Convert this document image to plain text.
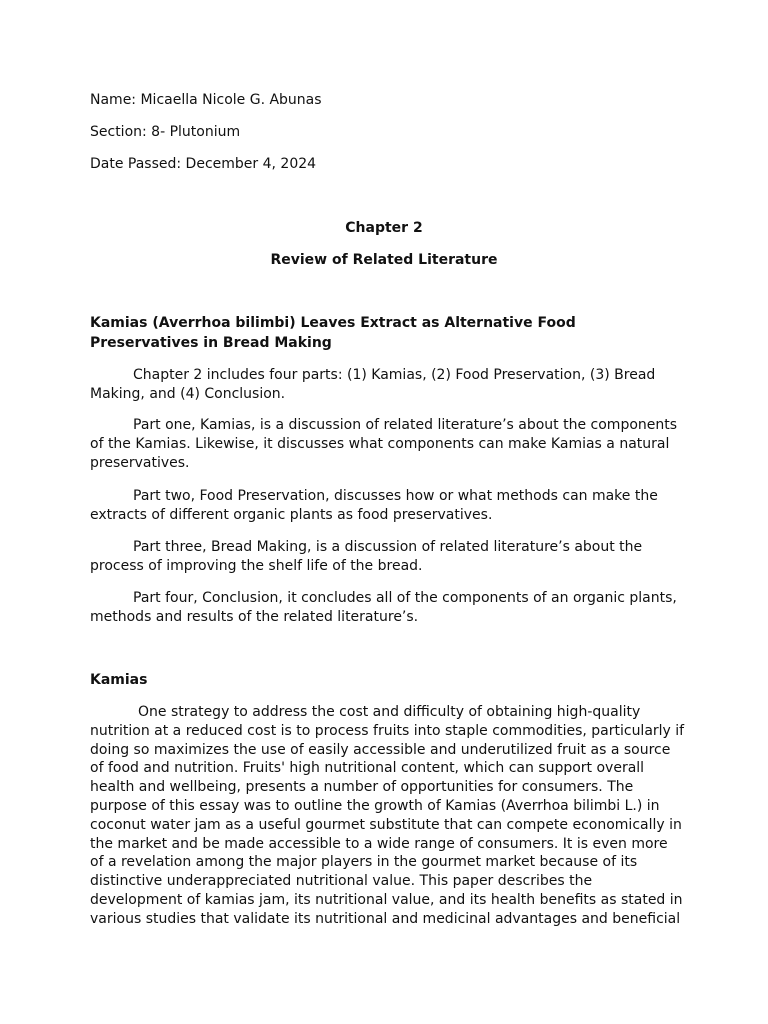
Name: Micaella Nicole G. Abunas
Section: 8- Plutonium
Date Passed: December 4, 2024
Chapter 2
Review of Related Literature
Kamias (Averrhoa bilimbi) Leaves Extract as Alternative Food
Preservatives in Bread Making
Chapter 2 includes four parts: (1) Kamias, (2) Food Preservation, (3) Bread
Making, and (4) Conclusion.
Part one, Kamias, is a discussion of related literature’s about the components
of the Kamias. Likewise, it discusses what components can make Kamias a natural
preservatives.
Part two, Food Preservation, discusses how or what methods can make the
extracts of different organic plants as food preservatives.
Part three, Bread Making, is a discussion of related literature’s about the
process of improving the shelf life of the bread.
Part four, Conclusion, it concludes all of the components of an organic plants,
methods and results of the related literature’s.
Kamias
One strategy to address the cost and difficulty of obtaining high-quality
nutrition at a reduced cost is to process fruits into staple commodities, particularly if
doing so maximizes the use of easily accessible and underutilized fruit as a source
of food and nutrition. Fruits' high nutritional content, which can support overall
health and wellbeing, presents a number of opportunities for consumers. The
purpose of this essay was to outline the growth of Kamias (Averrhoa bilimbi L.) in
coconut water jam as a useful gourmet substitute that can compete economically in
the market and be made accessible to a wide range of consumers. It is even more
of a revelation among the major players in the gourmet market because of its
distinctive underappreciated nutritional value. This paper describes the
development of kamias jam, its nutritional value, and its health benefits as stated in
various studies that validate its nutritional and medicinal advantages and beneficial
